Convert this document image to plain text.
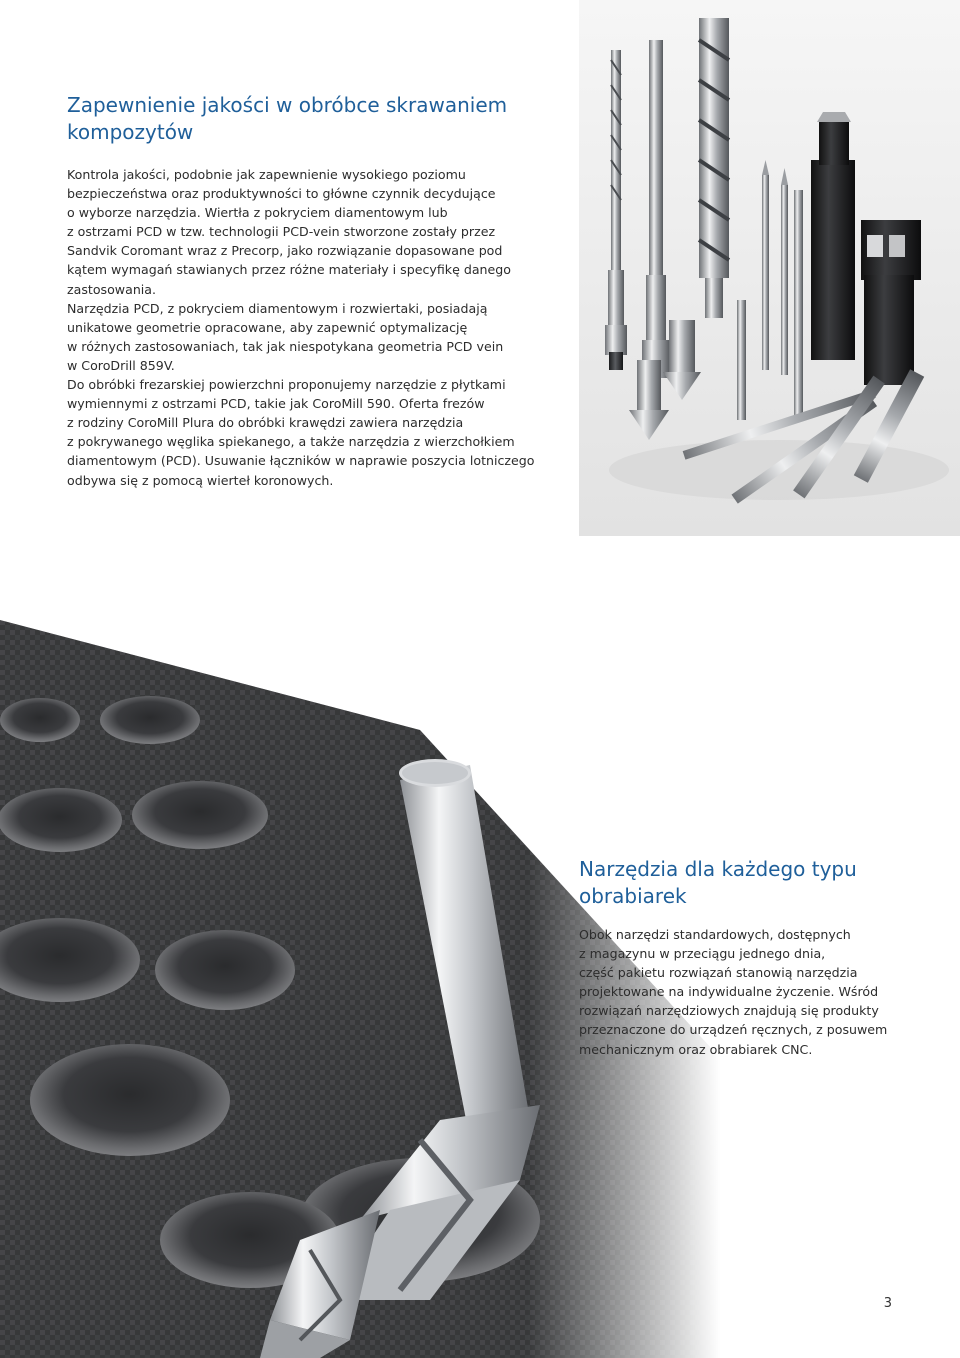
Zapewnienie jakości w obróbce skrawaniem
kompozytów

Kontrola jakości, podobnie jak zapewnienie wysokiego poziomu
bezpieczeństwa oraz produktywności to główne czynnik decydujące
o wyborze narzędzia. Wiertła z pokryciem diamentowym lub
z ostrzami PCD w tzw. technologii PCD-vein stworzone zostały przez
Sandvik Coromant wraz z Precorp, jako rozwiązanie dopasowane pod
kątem wymagań stawianych przez różne materiały i specyfikę danego
zastosowania.

Narzędzia PCD, z pokryciem diamentowym i rozwiertaki, posiadają
unikatowe geometrie opracowane, aby zapewnić optymalizację
w różnych zastosowaniach, tak jak niespotykana geometria PCD vein
w CoroDrill 859V.

Do obróbki frezarskiej powierzchni proponujemy narzędzie z płytkami
wymiennymi z ostrzami PCD, takie jak CoroMill 590. Oferta frezów
z rodziny CoroMill Plura do obróbki krawędzi zawiera narzędzia
z pokrywanego węglika spiekanego, a także narzędzia z wierzchołkiem
diamentowym (PCD). Usuwanie łączników w naprawie poszycia lotniczego
odbywa się z pomocą wierteł koronowych.

Narzędzia dla każdego typu
obrabiarek

Obok narzędzi standardowych, dostępnych
z magazynu w przeciągu jednego dnia,
część pakietu rozwiązań stanowią narzędzia
projektowane na indywidualne życzenie. Wśród
rozwiązań narzędziowych znajdują się produkty
przeznaczone do urządzeń ręcznych, z posuwem
mechanicznym oraz obrabiarek CNC.

3
